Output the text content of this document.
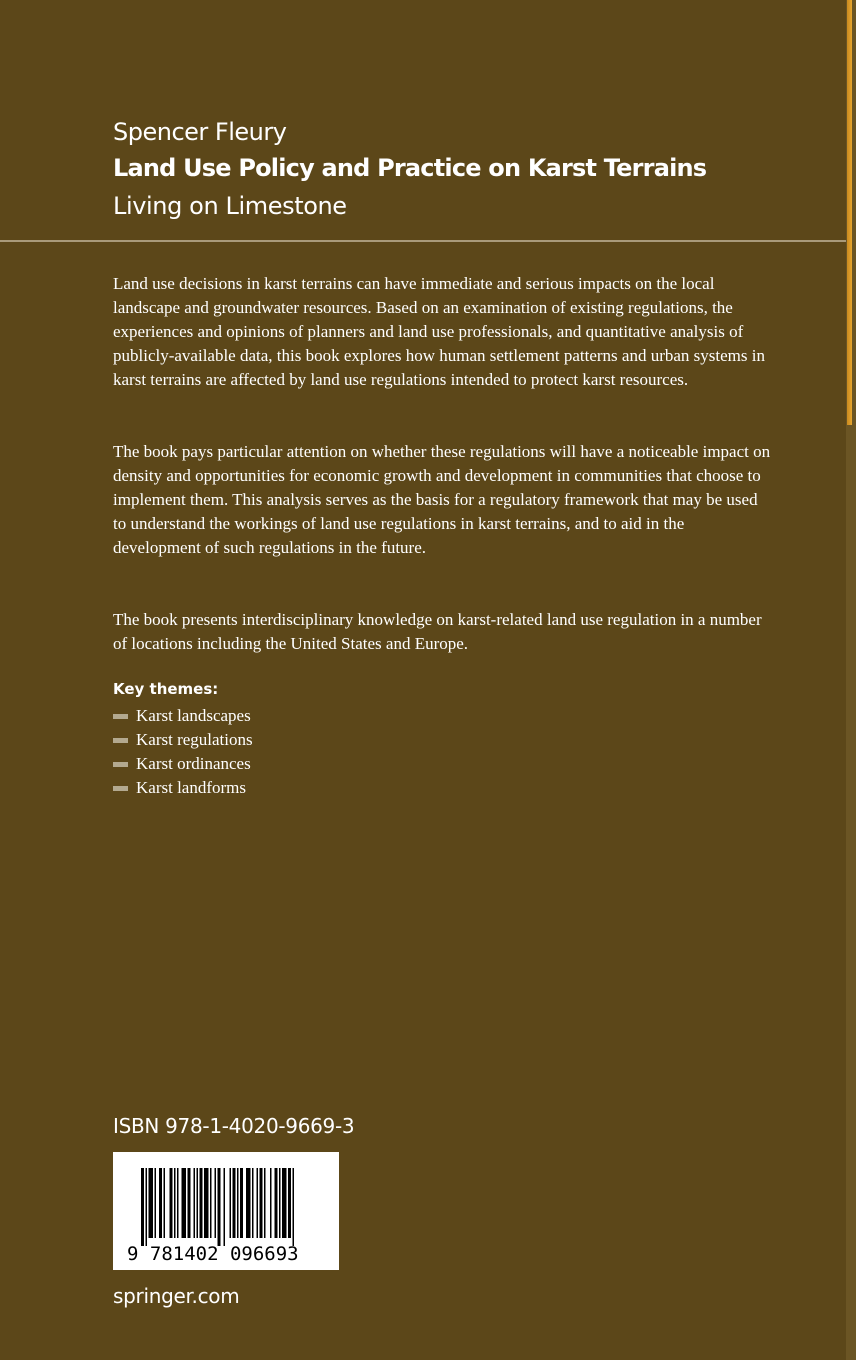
Spencer Fleury
Land Use Policy and Practice on Karst Terrains
Living on Limestone

Land use decisions in karst terrains can have immediate and serious impacts on the local landscape and groundwater resources. Based on an examination of existing regulations, the experiences and opinions of planners and land use professionals, and quantitative analysis of publicly-available data, this book explores how human settlement patterns and urban systems in karst terrains are affected by land use regulations intended to protect karst resources.

The book pays particular attention on whether these regulations will have a noticeable impact on density and opportunities for economic growth and development in communities that choose to implement them. This analysis serves as the basis for a regulatory framework that may be used to understand the workings of land use regulations in karst terrains, and to aid in the development of such regulations in the future.

The book presents interdisciplinary knowledge on karst-related land use regulation in a number of locations including the United States and Europe.

Key themes:
Karst landscapes
Karst regulations
Karst ordinances
Karst landforms
ISBN 978-1-4020-9669-3
9 781402 096693
springer.com
